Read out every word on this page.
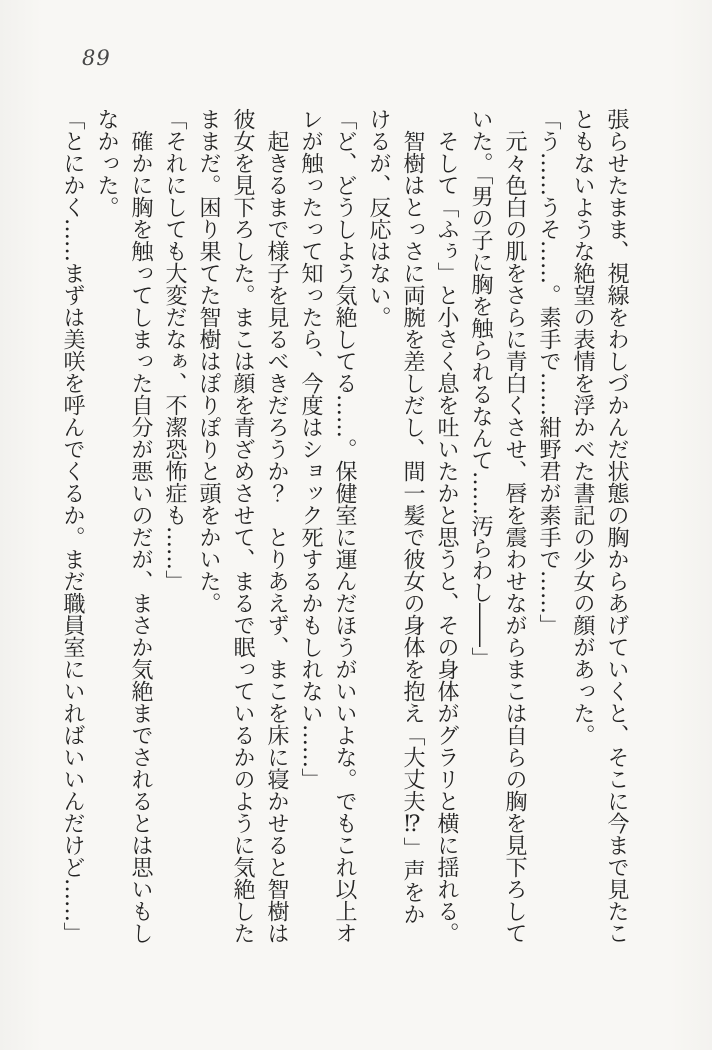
89

張らせたまま、視線をわしづかんだ状態の胸からあげていくと、そこに今まで見たこともないような絶望の表情を浮かべた書記の少女の顔があった。

「う……うそ……。素手で……紺野君が素手で……」

元々色白の肌をさらに青白くさせ、唇を震わせながらまこは自らの胸を見下ろしていた。「男の子に胸を触られるなんて……汚らわし――」

そして「ふぅ」と小さく息を吐いたかと思うと、その身体がグラリと横に揺れる。

智樹はとっさに両腕を差しだし、間一髪で彼女の身体を抱え「大丈夫⁉」声をかけるが、反応はない。

「ど、どうしよう気絶してる……。保健室に運んだほうがいいよな。でもこれ以上オレが触ったって知ったら、今度はショック死するかもしれない……」

起きるまで様子を見るべきだろうか？　とりあえず、まこを床に寝かせると智樹は彼女を見下ろした。まこは顔を青ざめさせて、まるで眠っているかのように気絶したままだ。困り果てた智樹はぽりぽりと頭をかいた。

「それにしても大変だなぁ、不潔恐怖症も……」

確かに胸を触ってしまった自分が悪いのだが、まさか気絶までされるとは思いもしなかった。

「とにかく……まずは美咲を呼んでくるか。まだ職員室にいればいいんだけど……」
